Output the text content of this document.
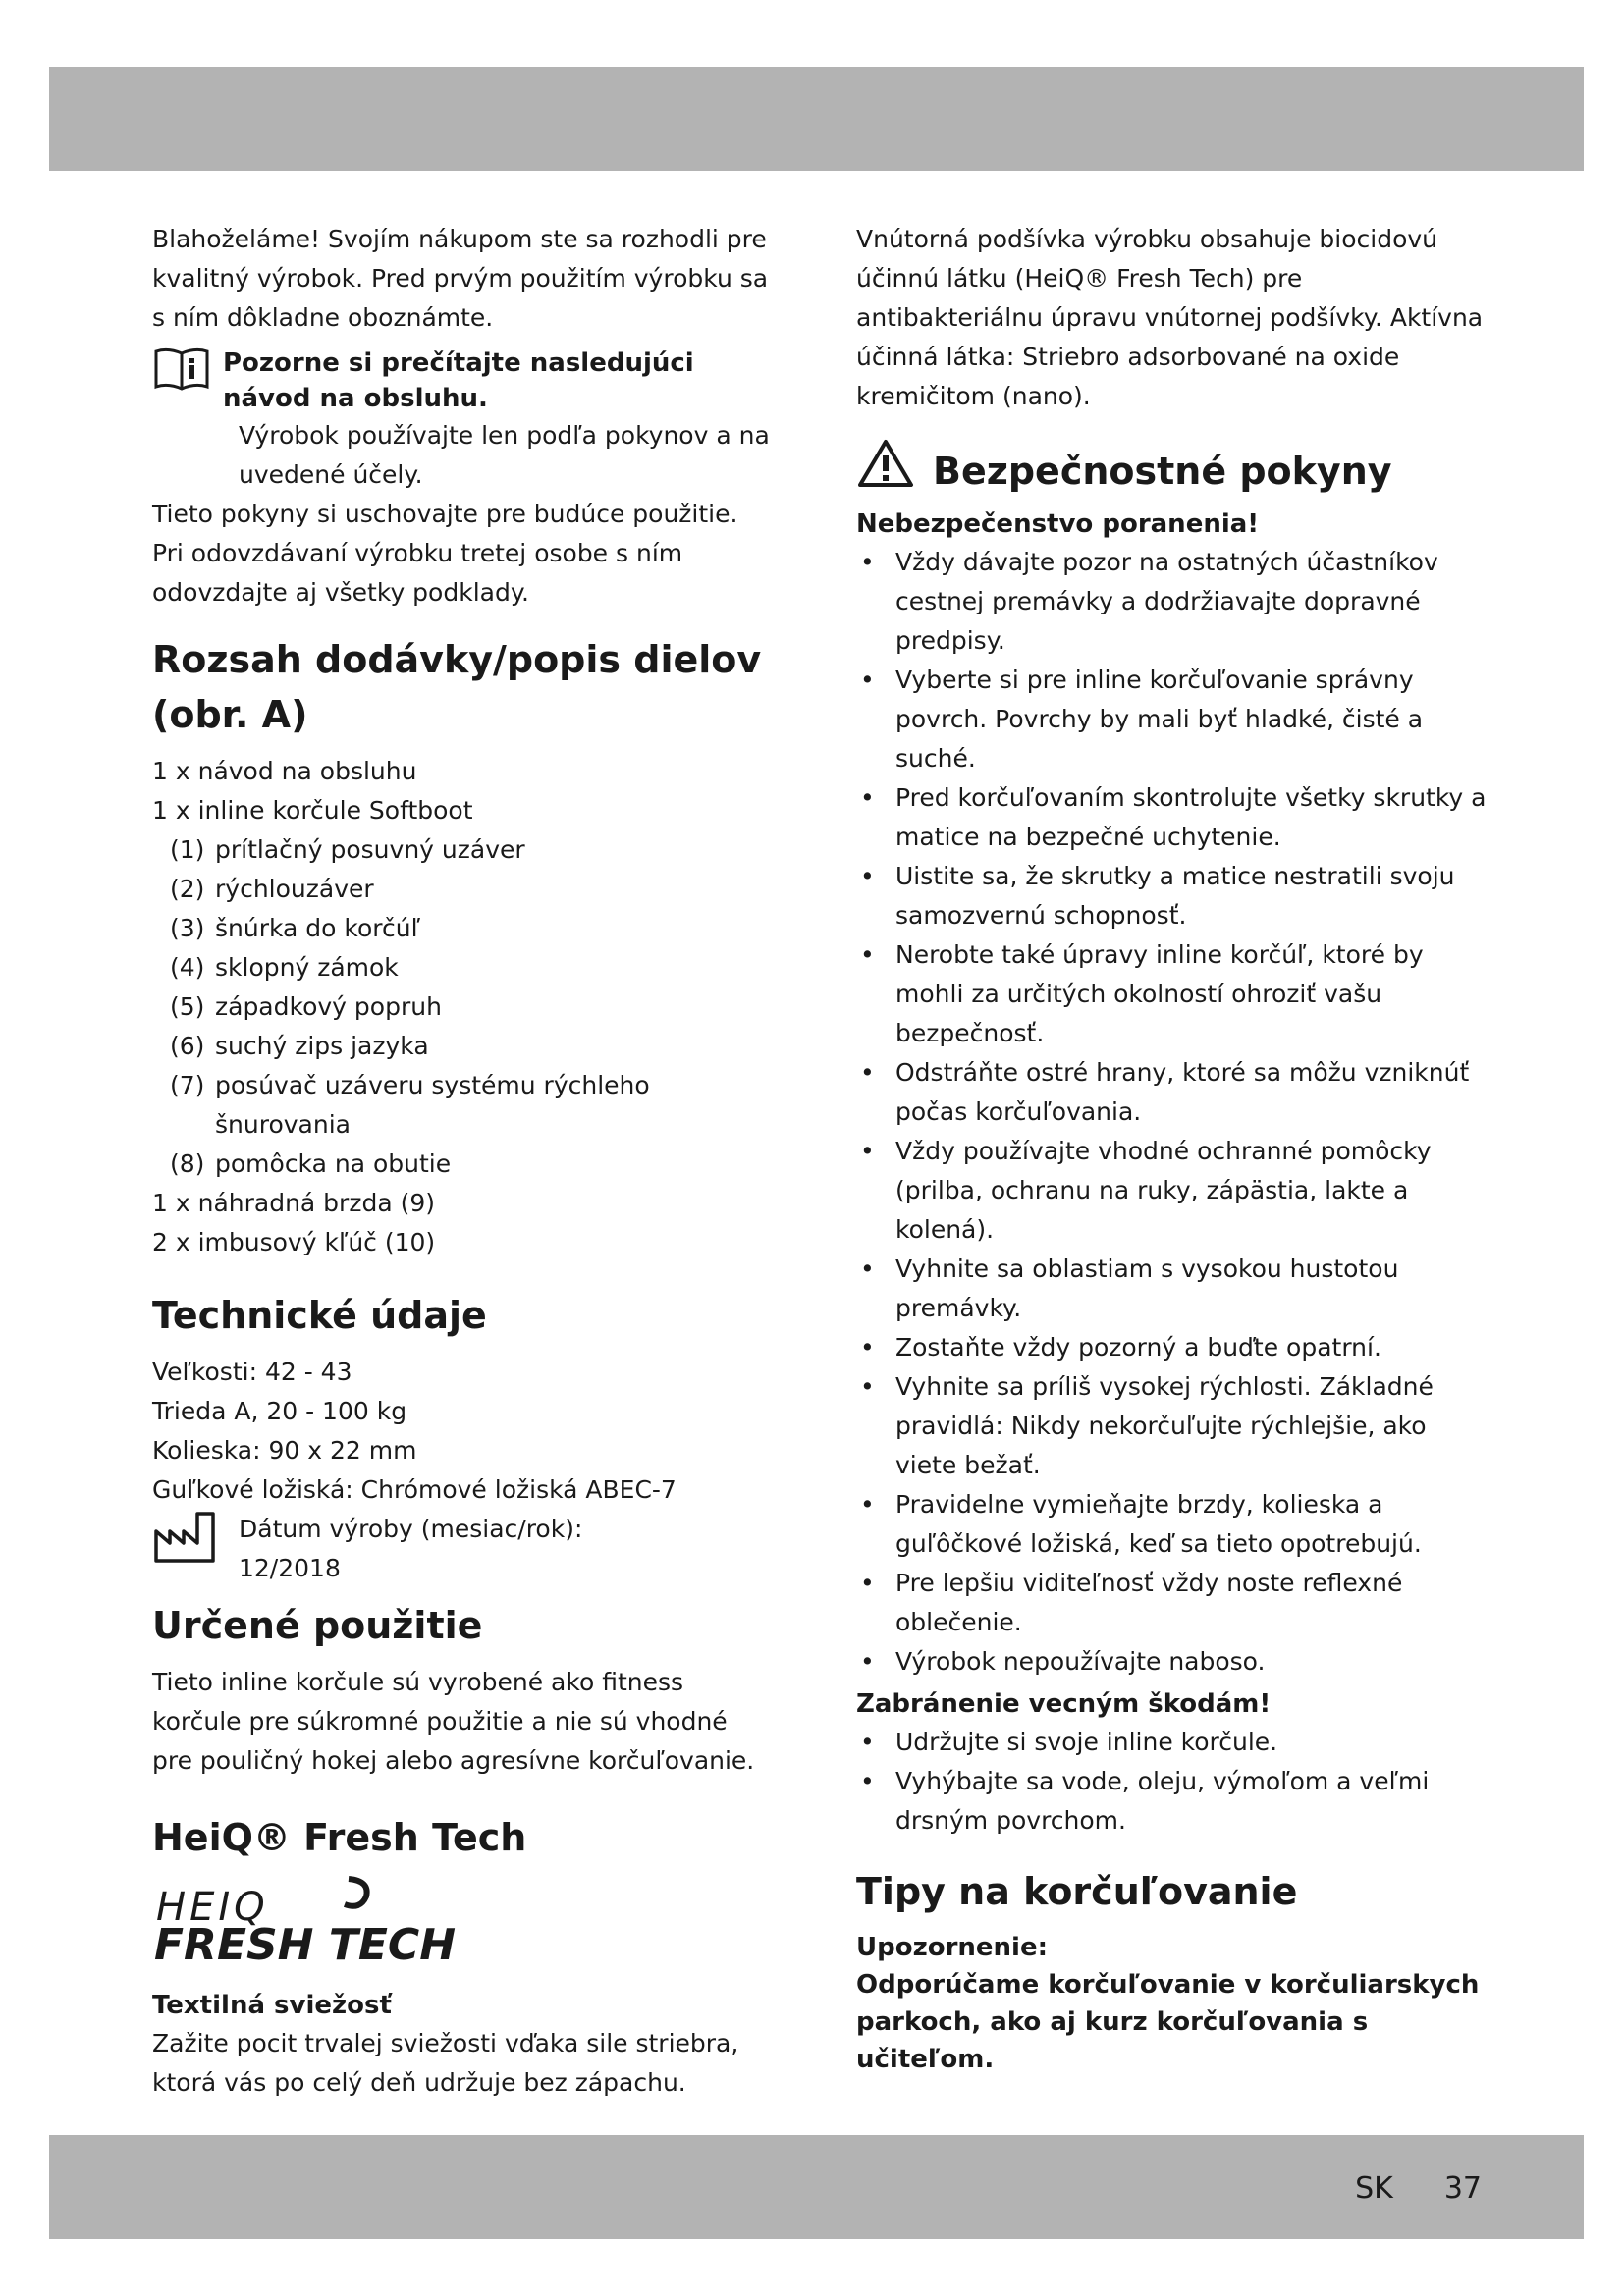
Blahoželáme! Svojím nákupom ste sa rozhodli pre kvalitný výrobok. Pred prvým použitím výrobku sa s ním dôkladne oboznámte.

Pozorne si prečítajte nasledujúci návod na obsluhu.

Výrobok používajte len podľa pokynov a na uvedené účely.

Tieto pokyny si uschovajte pre budúce použitie. Pri odovzdávaní výrobku tretej osobe s ním odovzdajte aj všetky podklady.

Rozsah dodávky/popis dielov (obr. A)

1 x návod na obsluhu

1 x inline korčule Softboot

(1) prítlačný posuvný uzáver
(2) rýchlouzáver
(3) šnúrka do korčúľ
(4) sklopný zámok
(5) západkový popruh
(6) suchý zips jazyka
(7) posúvač uzáveru systému rýchleho šnurovania
(8) pomôcka na obutie

1 x náhradná brzda (9)

2 x imbusový kľúč (10)

Technické údaje

Veľkosti: 42 - 43

Trieda A, 20 - 100 kg

Kolieska: 90 x 22 mm

Guľkové ložiská: Chrómové ložiská ABEC-7

Dátum výroby (mesiac/rok):

12/2018

Určené použitie

Tieto inline korčule sú vyrobené ako fitness korčule pre súkromné použitie a nie sú vhodné pre pouličný hokej alebo agresívne korčuľovanie.

HeiQ® Fresh Tech
HEIQ
FRESH TECH
Textilná sviežosť

Zažite pocit trvalej sviežosti vďaka sile striebra, ktorá vás po celý deň udržuje bez zápachu.

Vnútorná podšívka výrobku obsahuje biocidovú účinnú látku (HeiQ® Fresh Tech) pre antibakteriálnu úpravu vnútornej podšívky. Aktívna účinná látka: Striebro adsorbované na oxide kremičitom (nano).

Bezpečnostné pokyny
Nebezpečenstvo poranenia!
• Vždy dávajte pozor na ostatných účastníkov cestnej premávky a dodržiavajte dopravné predpisy.
• Vyberte si pre inline korčuľovanie správny povrch. Povrchy by mali byť hladké, čisté a suché.
• Pred korčuľovaním skontrolujte všetky skrutky a matice na bezpečné uchytenie.
• Uistite sa, že skrutky a matice nestratili svoju samozvernú schopnosť.
• Nerobte také úpravy inline korčúľ, ktoré by mohli za určitých okolností ohroziť vašu bezpečnosť.
• Odstráňte ostré hrany, ktoré sa môžu vzniknúť počas korčuľovania.
• Vždy používajte vhodné ochranné pomôcky (prilba, ochranu na ruky, zápästia, lakte a kolená).
• Vyhnite sa oblastiam s vysokou hustotou premávky.
• Zostaňte vždy pozorný a buďte opatrní.
• Vyhnite sa príliš vysokej rýchlosti. Základné pravidlá: Nikdy nekorčuľujte rýchlejšie, ako viete bežať.
• Pravidelne vymieňajte brzdy, kolieska a guľôčkové ložiská, keď sa tieto opotrebujú.
• Pre lepšiu viditeľnosť vždy noste reflexné oblečenie.
• Výrobok nepoužívajte naboso.
Zabránenie vecným škodám!
• Udržujte si svoje inline korčule.
• Vyhýbajte sa vode, oleju, výmoľom a veľmi drsným povrchom.
Tipy na korčuľovanie
Upozornenie:
Odporúčame korčuľovanie v korčuliarskych parkoch, ako aj kurz korčuľovania s učiteľom.
SK 37
